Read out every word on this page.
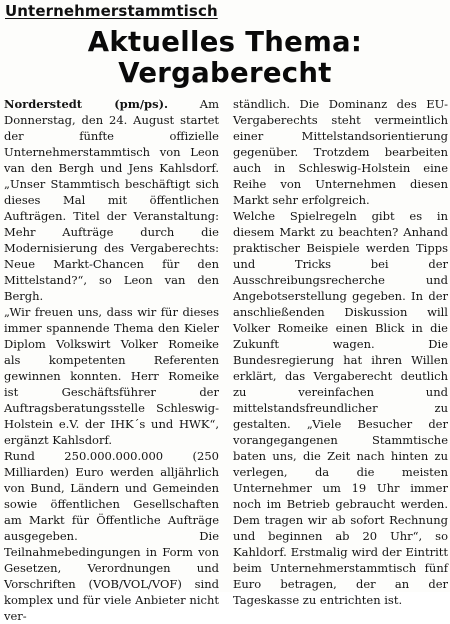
Unternehmerstammtisch
Aktuelles Thema:
Vergaberecht

Norderstedt (pm/ps).	Am Donnerstag, den 24. August startet der fünfte offizielle Unternehmerstammtisch von Leon van den Bergh und Jens Kahlsdorf. „Unser Stammtisch beschäftigt sich dieses Mal mit öffentlichen Aufträgen. Titel der Veranstaltung: Mehr Aufträge durch die Modernisierung des Vergaberechts: Neue Markt-Chancen für den Mittelstand?“, so Leon van den Bergh.

„Wir freuen uns, dass wir für dieses immer spannende Thema den Kieler Diplom Volkswirt Volker Romeike als kompetenten Referenten gewinnen konnten. Herr Romeike ist Geschäftsführer der Auftragsberatungsstelle Schleswig-Holstein e.V. der IHK´s und HWK“, ergänzt Kahlsdorf.

Rund 250.000.000.000 (250 Milliarden) Euro werden alljährlich von Bund, Ländern und Gemeinden sowie öffentlichen Gesellschaften am Markt für Öffentliche Aufträge ausgegeben. Die Teilnahmebedingungen in Form von Gesetzen, Verordnungen und Vorschriften (VOB/VOL/VOF) sind komplex und für viele Anbieter nicht ver-

ständlich. Die Dominanz des EU-Vergaberechts steht vermeintlich einer Mittelstandsorientierung gegenüber. Trotzdem bearbeiten auch in Schleswig-Holstein eine Reihe von Unternehmen diesen Markt sehr erfolgreich.

Welche Spielregeln gibt es in diesem Markt zu beachten? Anhand praktischer Beispiele werden Tipps und Tricks bei der Ausschreibungsrecherche und Angebotserstellung gegeben. In der anschließenden Diskussion will Volker Romeike einen Blick in die Zukunft wagen. Die Bundesregierung hat ihren Willen erklärt, das Vergaberecht deutlich zu vereinfachen und mittelstandsfreundlicher zu gestalten. „Viele Besucher der vorangegangenen Stammtische baten uns, die Zeit nach hinten zu verlegen, da die meisten Unternehmer um 19 Uhr immer noch im Betrieb gebraucht werden. Dem tragen wir ab sofort Rechnung und beginnen ab 20 Uhr“, so Kahldorf. Erstmalig wird der Eintritt beim Unternehmerstammtisch fünf Euro betragen, der an der Tageskasse zu entrichten ist.
